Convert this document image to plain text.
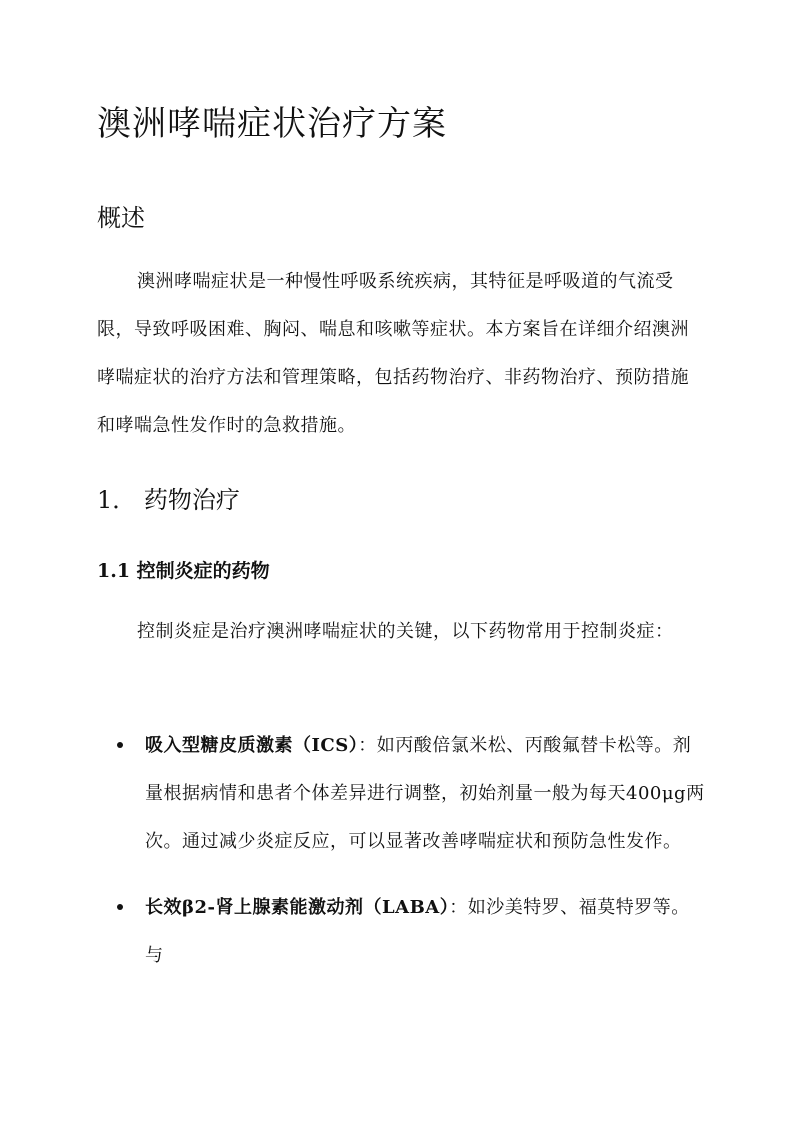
澳洲哮喘症状治疗方案
概述

澳洲哮喘症状是一种慢性呼吸系统疾病，其特征是呼吸道的气流受限，导致呼吸困难、胸闷、喘息和咳嗽等症状。本方案旨在详细介绍澳洲哮喘症状的治疗方法和管理策略，包括药物治疗、非药物治疗、预防措施和哮喘急性发作时的急救措施。

1． 药物治疗
1.1 控制炎症的药物

控制炎症是治疗澳洲哮喘症状的关键，以下药物常用于控制炎症：

吸入型糖皮质激素（ICS）：如丙酸倍氯米松、丙酸氟替卡松等。剂量根据病情和患者个体差异进行调整，初始剂量一般为每天400μg两次。通过减少炎症反应，可以显著改善哮喘症状和预防急性发作。
长效β2-肾上腺素能激动剂（LABA）：如沙美特罗、福莫特罗等。与
